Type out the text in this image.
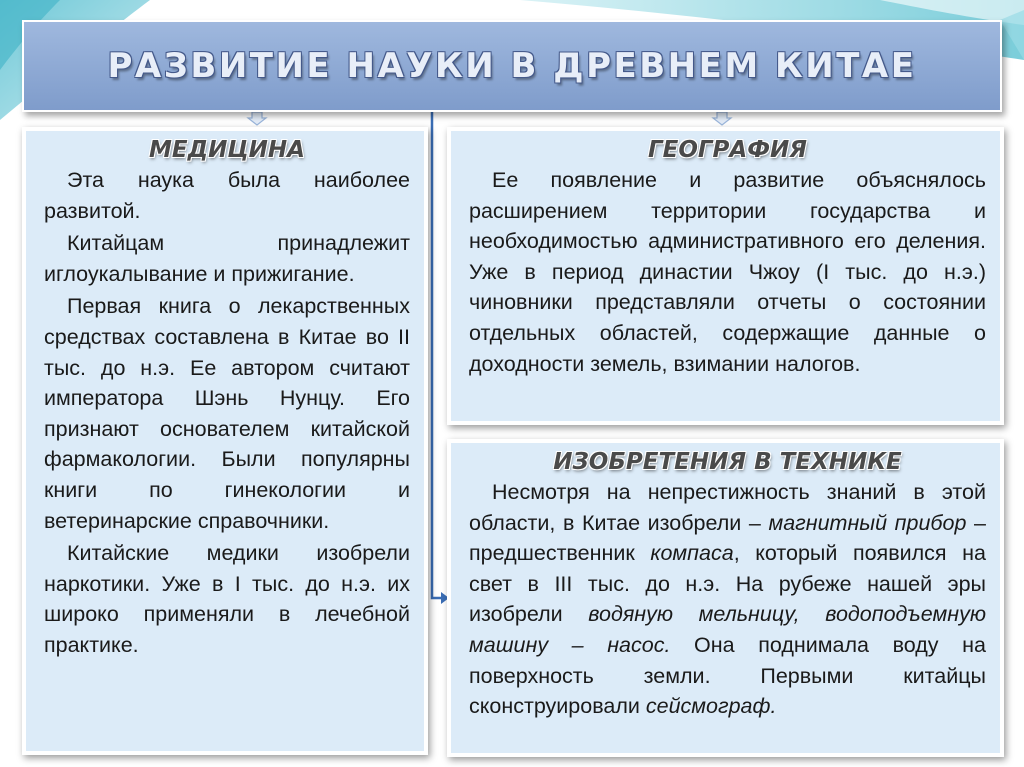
РАЗВИТИЕ НАУКИ В ДРЕВНЕМ КИТАЕ
МЕДИЦИНА

Эта наука была наиболее развитой.

Китайцам принадлежит иглоукалывание и прижигание.

Первая книга о лекарственных средствах составлена в Китае во II тыс. до н.э. Ее автором считают императора Шэнь Нунцу. Его признают основателем китайской фармакологии. Были популярны книги по гинекологии и ветеринарские справочники.

Китайские медики изобрели наркотики. Уже в I тыс. до н.э. их широко применяли в лечебной практике.

ГЕОГРАФИЯ

Ее появление и развитие объяснялось расширением территории государства и необходимостью административного его деления. Уже в период династии Чжоу (I тыс. до н.э.) чиновники представляли отчеты о состоянии отдельных областей, содержащие данные о доходности земель, взимании налогов.

ИЗОБРЕТЕНИЯ В ТЕХНИКЕ

Несмотря на непрестижность знаний в этой области, в Китае изобрели – магнитный прибор – предшественник компаса, который появился на свет в III тыс. до н.э. На рубеже нашей эры изобрели водяную мельницу, водоподъемную машину – насос. Она поднимала воду на поверхность земли. Первыми китайцы сконструировали сейсмограф.
